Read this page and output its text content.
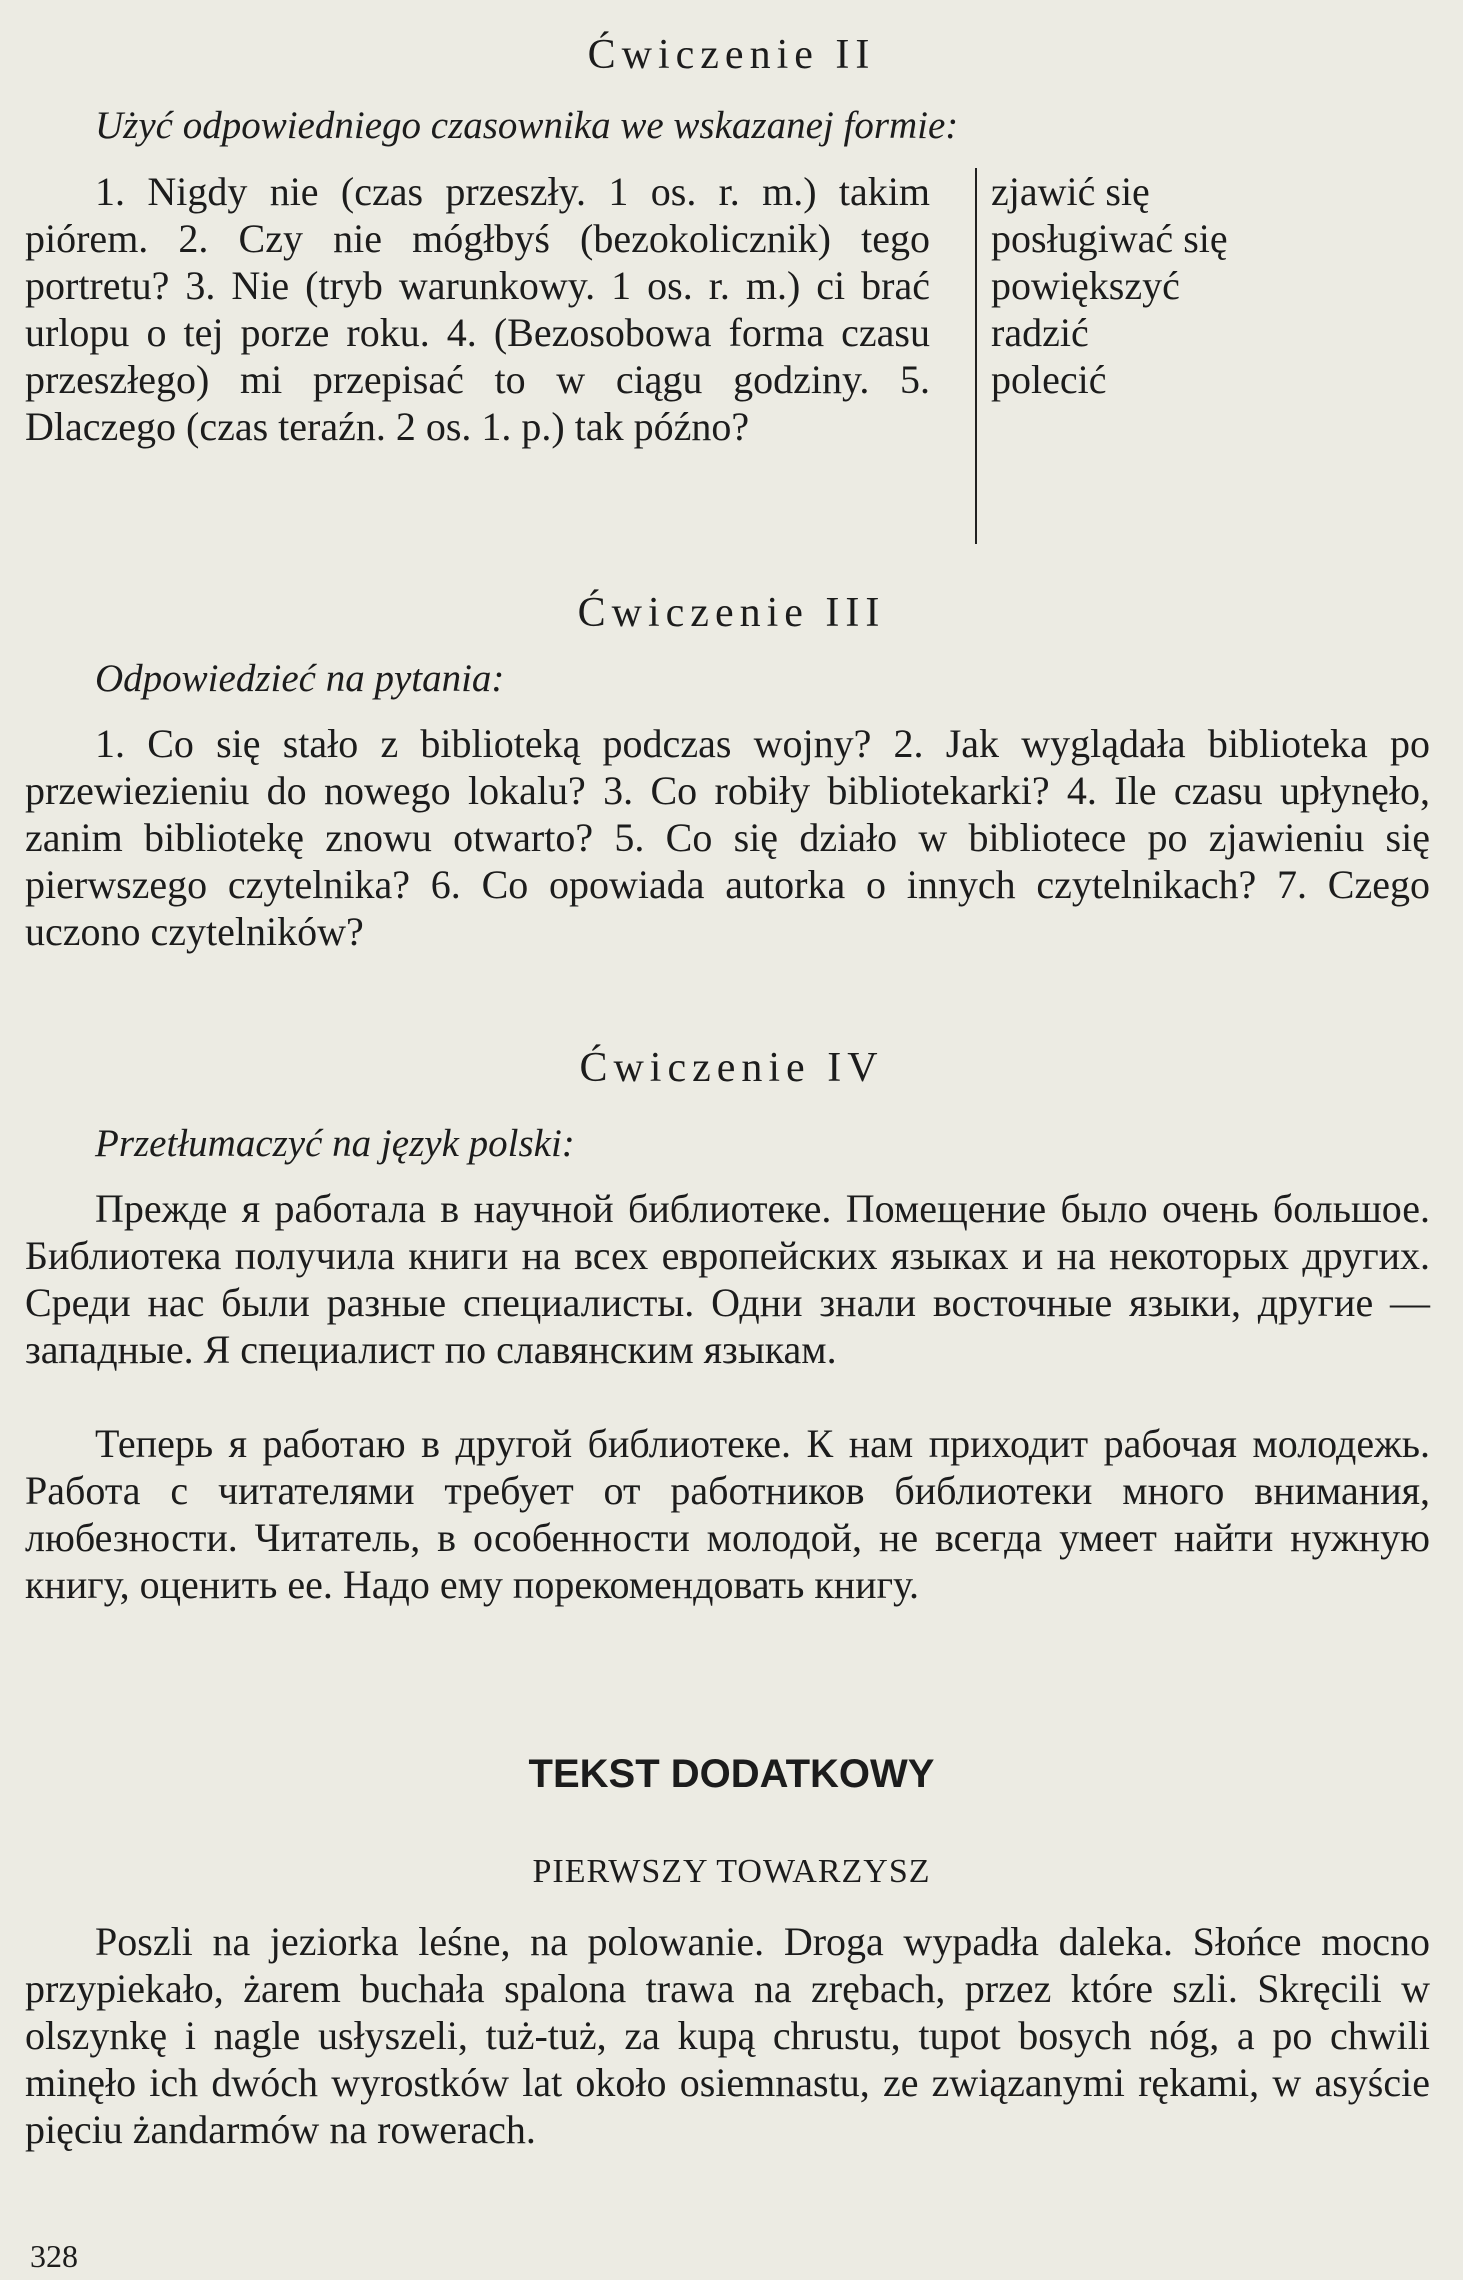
Ćwiczenie II
Użyć odpowiedniego czasownika we wskazanej formie:
1. Nigdy nie (czas przeszły. 1 os. r. m.) takim piórem. 2. Czy nie mógłbyś (bezokolicznik) tego portretu? 3. Nie (tryb warunkowy. 1 os. r. m.) ci brać urlopu o tej porze roku. 4. (Bezosobowa forma czasu przeszłego) mi przepisać to w ciągu godziny. 5. Dlaczego (czas teraźn. 2 os. 1. p.) tak późno?
zjawić się
posługiwać się
powiększyć
radzić
polecić
Ćwiczenie III
Odpowiedzieć na pytania:
1. Co się stało z biblioteką podczas wojny? 2. Jak wyglądała biblioteka po przewiezieniu do nowego lokalu? 3. Co robiły bibliotekarki? 4. Ile czasu upłynęło, zanim bibliotekę znowu otwarto? 5. Co się działo w bibliotece po zjawieniu się pierwszego czytelnika? 6. Co opowiada autorka o innych czytelnikach? 7. Czego uczono czytelników?
Ćwiczenie IV
Przetłumaczyć na język polski:
Прежде я работала в научной библиотеке. Помещение было очень большое. Библиотека получила книги на всех европейских языках и на некоторых других. Среди нас были разные специалисты. Одни знали восточные языки, другие — западные. Я специалист по славянским языкам.
Теперь я работаю в другой библиотеке. К нам приходит рабочая молодежь. Работа с читателями требует от работников библиотеки много внимания, любезности. Читатель, в особенности молодой, не всегда умеет найти нужную книгу, оценить ее. Надо ему порекомендовать книгу.
TEKST DODATKOWY
PIERWSZY TOWARZYSZ
Poszli na jeziorka leśne, na polowanie. Droga wypadła daleka. Słońce mocno przypiekało, żarem buchała spalona trawa na zrębach, przez które szli. Skręcili w olszynkę i nagle usłyszeli, tuż-tuż, za kupą chrustu, tupot bosych nóg, a po chwili minęło ich dwóch wyrostków lat około osiemnastu, ze związanymi rękami, w asyście pięciu żandarmów na rowerach.
328
